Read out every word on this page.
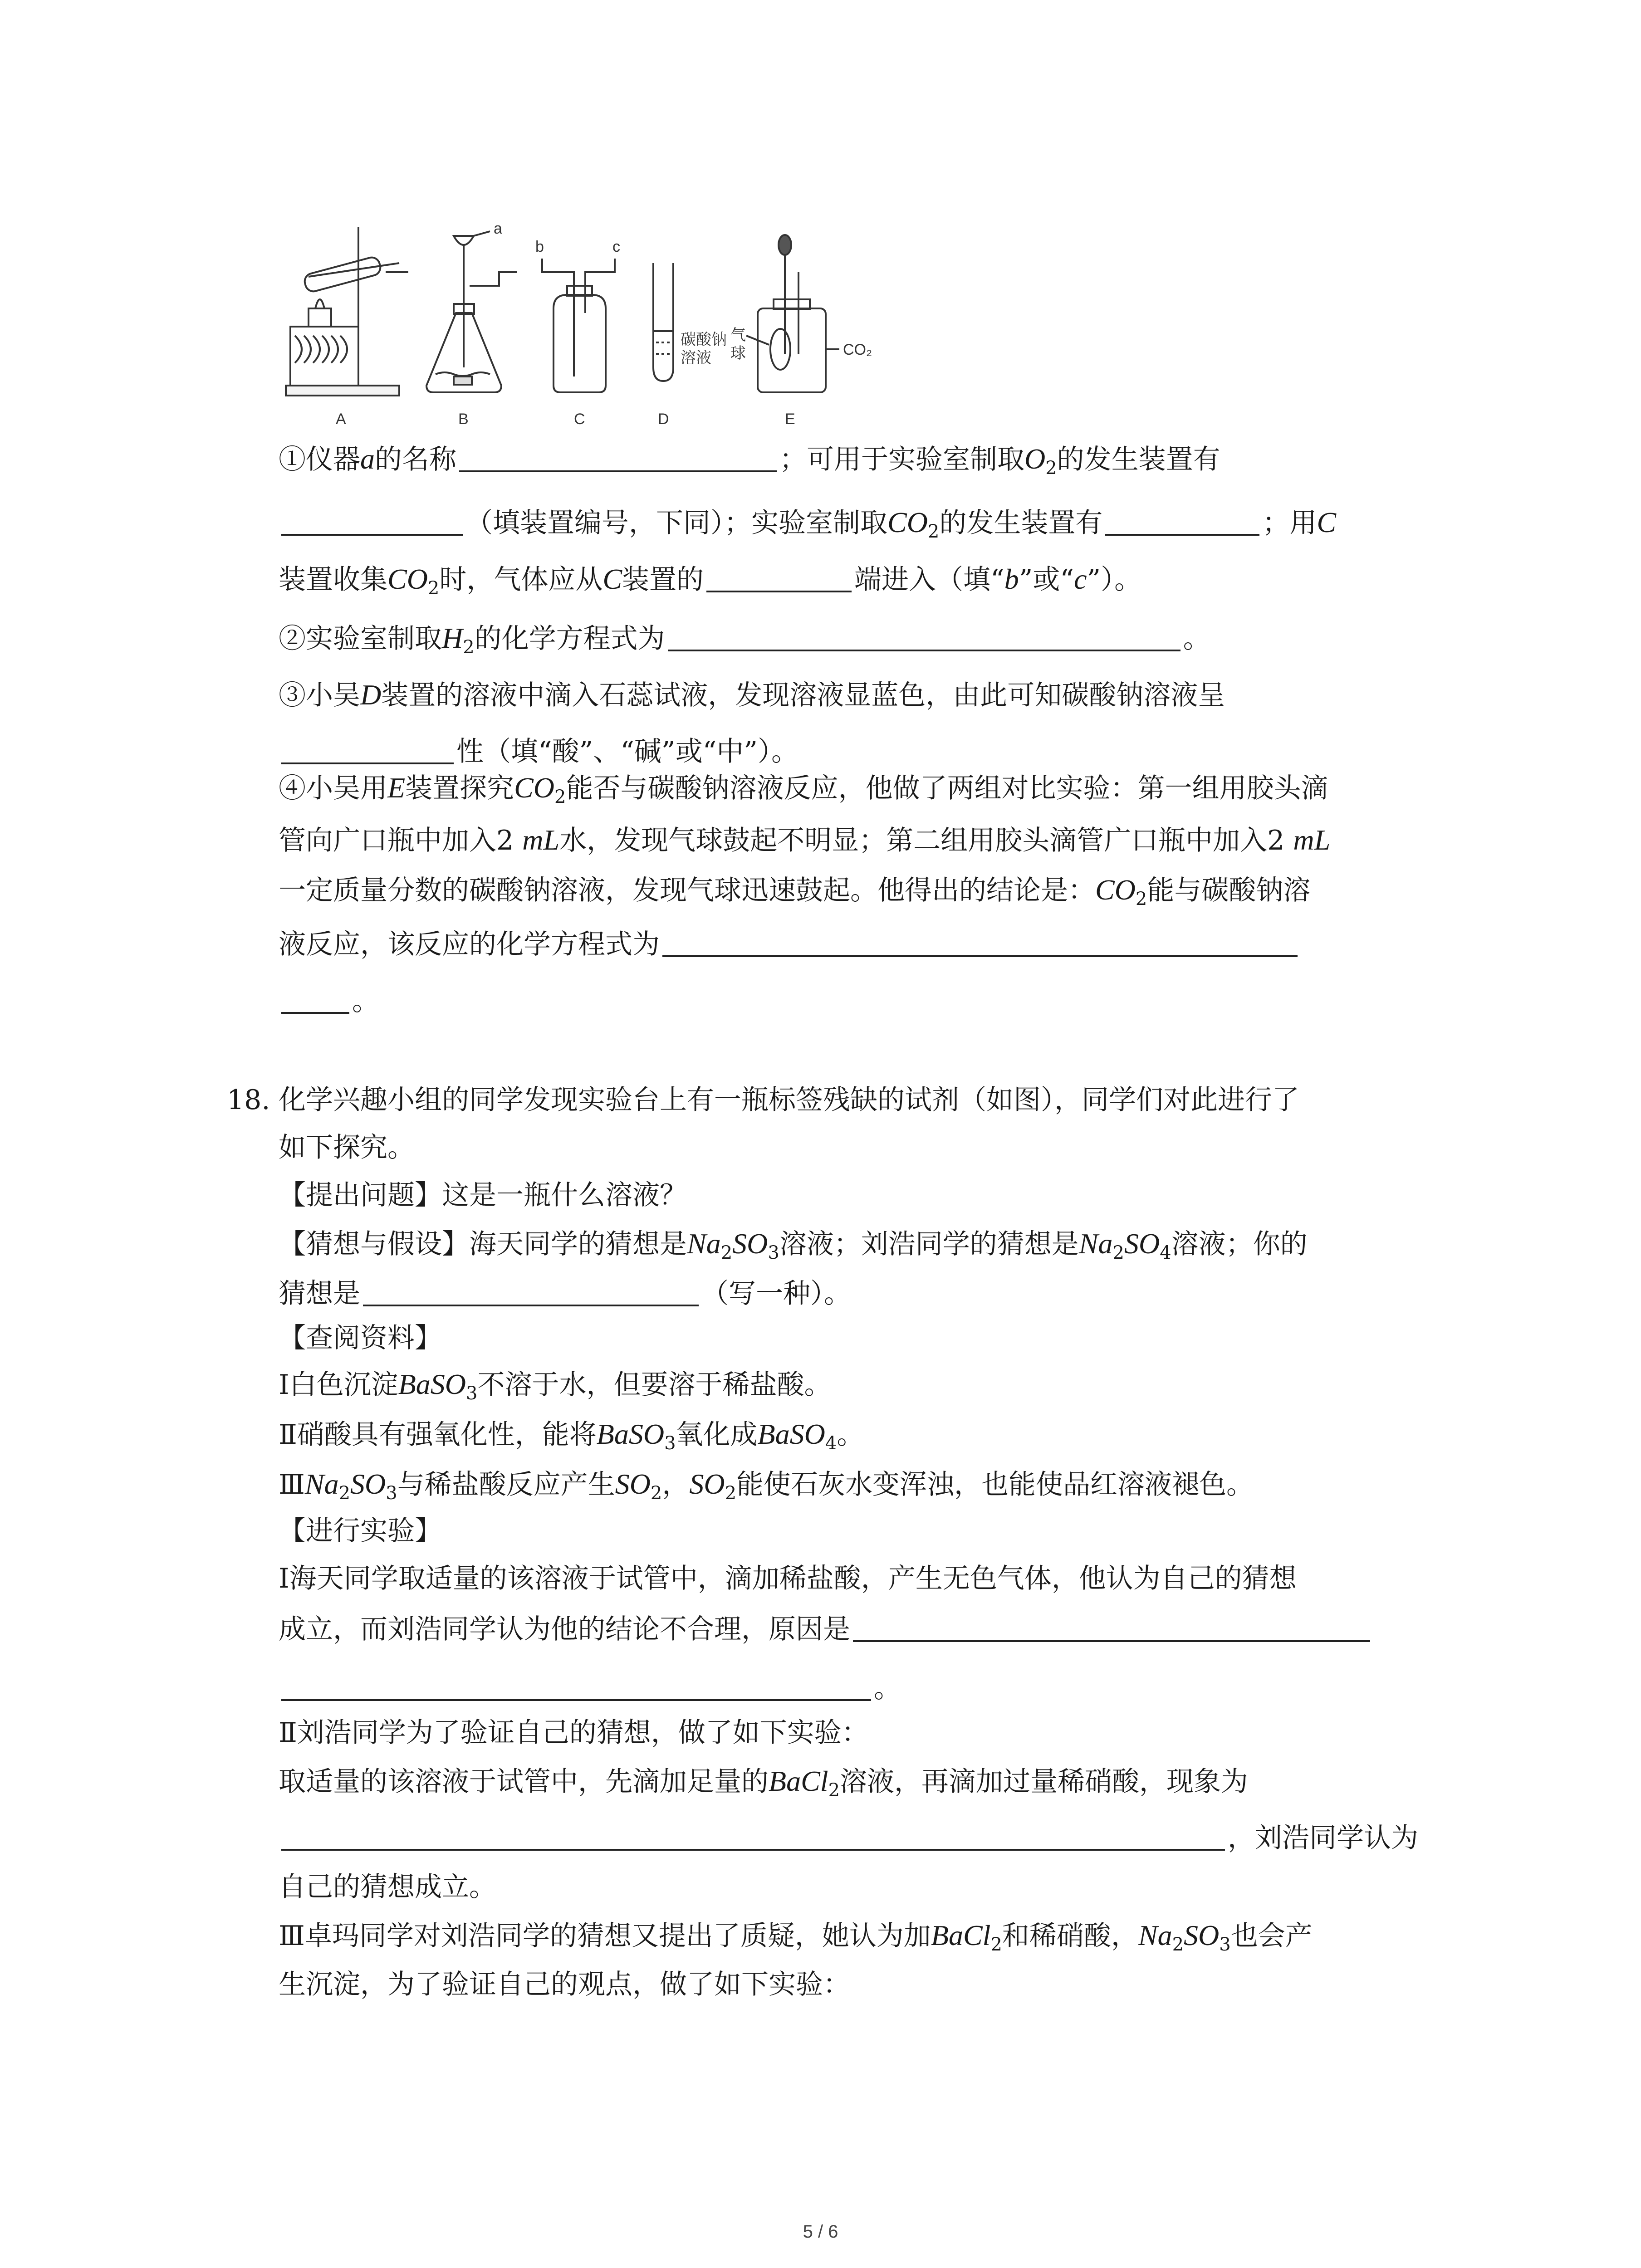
A	B	C	D	E
a
b	c
碳酸钠
溶液
气
球	CO₂
①仪器a的名称	；可用于实验室制取$O_2$的发生装置有
（填装置编号，下同）；实验室制取$CO_2$的发生装置有	；用C
装置收集$CO_2$时，气体应从C装置的	端进入（填“b”或“c”）。
②实验室制取$H_2$的化学方程式为	。
③小吴D装置的溶液中滴入石蕊试液，发现溶液显蓝色，由此可知碳酸钠溶液呈
性（填“酸”、“碱”或“中”）。
④小吴用E装置探究$CO_2$能否与碳酸钠溶液反应，他做了两组对比实验：第一组用胶头滴
管向广口瓶中加入2 mL水，发现气球鼓起不明显；第二组用胶头滴管广口瓶中加入2 mL
一定质量分数的碳酸钠溶液，发现气球迅速鼓起。他得出的结论是：$CO_2$能与碳酸钠溶
液反应，该反应的化学方程式为
。
18. 化学兴趣小组的同学发现实验台上有一瓶标签残缺的试剂（如图），同学们对此进行了
如下探究。
【提出问题】这是一瓶什么溶液？
【猜想与假设】海天同学的猜想是$Na_2SO_3$溶液；刘浩同学的猜想是$Na_2SO_4$溶液；你的
猜想是	（写一种）。
【查阅资料】
Ⅰ白色沉淀BaSO$_3$不溶于水，但要溶于稀盐酸。
Ⅱ硝酸具有强氧化性，能将BaSO$_3$氧化成BaSO$_4$。
$ⅢNa_2SO_3$与稀盐酸反应产生$SO_2$，$SO_2$能使石灰水变浑浊，也能使品红溶液褪色。
【进行实验】
Ⅰ海天同学取适量的该溶液于试管中，滴加稀盐酸，产生无色气体，他认为自己的猜想
成立，而刘浩同学认为他的结论不合理，原因是
。
Ⅱ刘浩同学为了验证自己的猜想，做了如下实验：
取适量的该溶液于试管中，先滴加足量的BaCl$_2$溶液，再滴加过量稀硝酸，现象为
，刘浩同学认为
自己的猜想成立。
Ⅲ卓玛同学对刘浩同学的猜想又提出了质疑，她认为加BaCl$_2$和稀硝酸，$Na_2SO_3$也会产
生沉淀，为了验证自己的观点，做了如下实验：
5 / 6
